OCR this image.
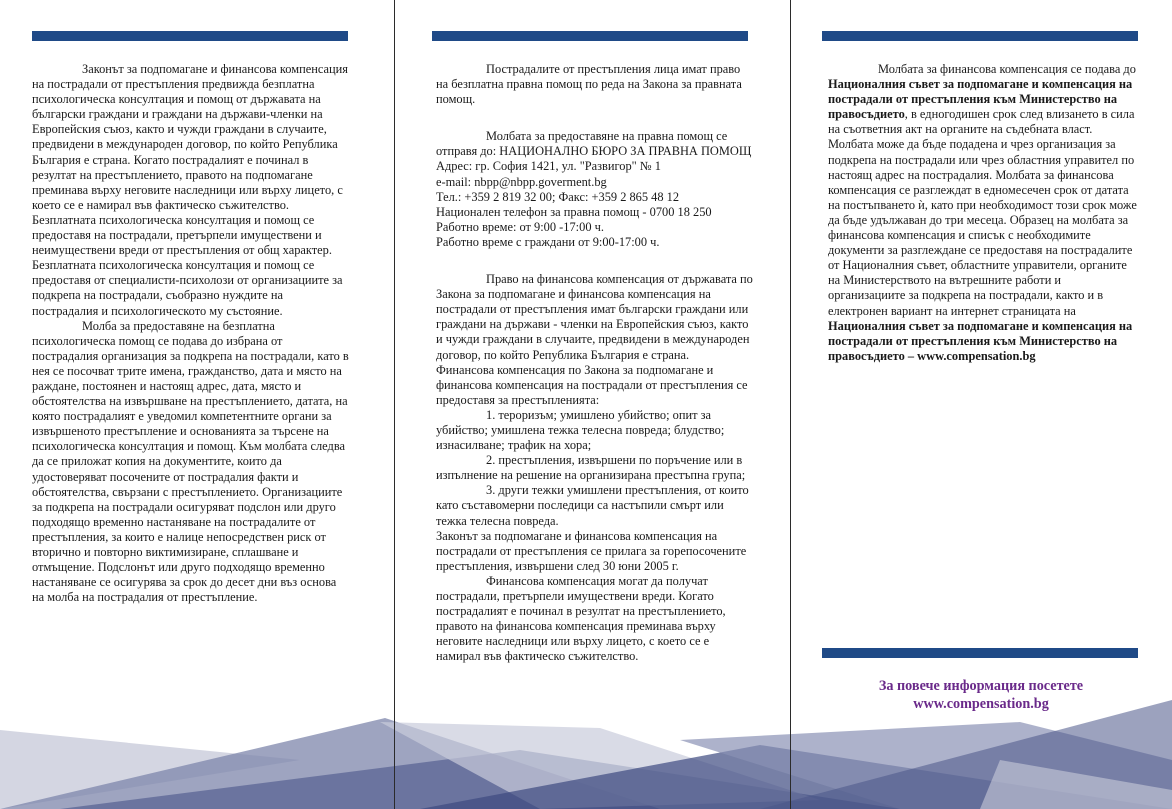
Законът за подпомагане и финансова компенсация на пострадали от престъпления предвижда безплатна психологическа консултация и помощ от държавата на български граждани и граждани на държави-членки на Европейския съюз, както и чужди граждани в случаите, предвидени в международен договор, по който Република България е страна. Когато пострадалият е починал в резултат на престъплението, правото на подпомагане преминава върху неговите наследници или върху лицето, с което се е намирал във фактическо съжителство. Безплатната психологическа консултация и помощ се предоставя на пострадали, претърпели имуществени и неимуществени вреди от престъпления от общ характер. Безплатната психологическа консултация и помощ се предоставя от специалисти-психолози от организациите за подкрепа на пострадали, съобразно нуждите на пострадалия и психологическото му състояние.

Молба за предоставяне на безплатна психологическа помощ се подава до избрана от пострадалия организация за подкрепа на пострадали, като в нея се посочват трите имена, гражданство, дата и място на раждане, постоянен и настоящ адрес, дата, място и обстоятелства на извършване на престъплението, датата, на която пострадалият е уведомил компетентните органи за извършеното престъпление и основанията за търсене на психологическа консултация и помощ. Към молбата следва да се приложат копия на документите, които да удостоверяват посочените от пострадалия факти и обстоятелства, свързани с престъплението. Организациите за подкрепа на пострадали осигуряват подслон или друго подходящо временно настаняване на пострадалите от престъпления, за които е налице непосредствен риск от вторично и повторно виктимизиране, сплашване и отмъщение. Подслонът или друго подходящо временно настаняване се осигурява за срок до десет дни въз основа на молба на пострадалия от престъпление.

Пострадалите от престъпления лица имат право на безплатна правна помощ по реда на Закона за правната помощ.

Молбата за предоставяне на правна помощ се отправя до: НАЦИОНАЛНО БЮРО ЗА ПРАВНА ПОМОЩ Адрес: гр. София 1421, ул. "Развигор" № 1

e-mail: nbpp@nbpp.goverment.bg

Тел.: +359 2 819 32 00; Факс: +359 2 865 48 12

Национален телефон за правна помощ - 0700 18 250

Работно време: от 9:00 -17:00 ч.

Работно време с граждани от 9:00-17:00 ч.

Право на финансова компенсация от държавата по Закона за подпомагане и финансова компенсация на пострадали от престъпления имат български граждани или граждани на държави - членки на Европейския съюз, както и чужди граждани в случаите, предвидени в международен договор, по който Република България е страна.

Финансова компенсация по Закона за подпомагане и финансова компенсация на пострадали от престъпления се предоставя за престъпленията:

1. тероризъм; умишлено убийство; опит за убийство; умишлена тежка телесна повреда; блудство; изнасилване; трафик на хора;

2. престъпления, извършени по поръчение или в изпълнение на решение на организирана престъпна група;

3. други тежки умишлени престъпления, от които като съставомерни последици са настъпили смърт или тежка телесна повреда.

Законът за подпомагане и финансова компенсация на пострадали от престъпления се прилага за горепосочените престъпления, извършени след 30 юни 2005 г.

Финансова компенсация могат да получат пострадали, претърпели имуществени вреди. Когато пострадалият е починал в резултат на престъплението, правото на финансова компенсация преминава върху неговите наследници или върху лицето, с което се е намирал във фактическо съжителство.

Молбата за финансова компенсация се подава до Националния съвет за подпомагане и компенсация на пострадали от престъпления към Министерство на правосъдието, в едногодишен срок след влизането в сила на съответния акт на органите на съдебната власт. Молбата може да бъде подадена и чрез организация за подкрепа на пострадали или чрез областния управител по настоящ адрес на пострадалия. Молбата за финансова компенсация се разглеждат в едномесечен срок от датата на постъпването ѝ, като при необходимост този срок може да бъде удължаван до три месеца. Образец на молбата за финансова компенсация и списък с необходимите документи за разглеждане се предоставя на пострадалите от Националния съвет, областните управители, органите на Министерството на вътрешните работи и организациите за подкрепа на пострадали, както и в електронен вариант на интернет страницата на Националния съвет за подпомагане и компенсация на пострадали от престъпления към Министерство на правосъдието – www.compensation.bg

За повече информация посетете
www.compensation.bg
